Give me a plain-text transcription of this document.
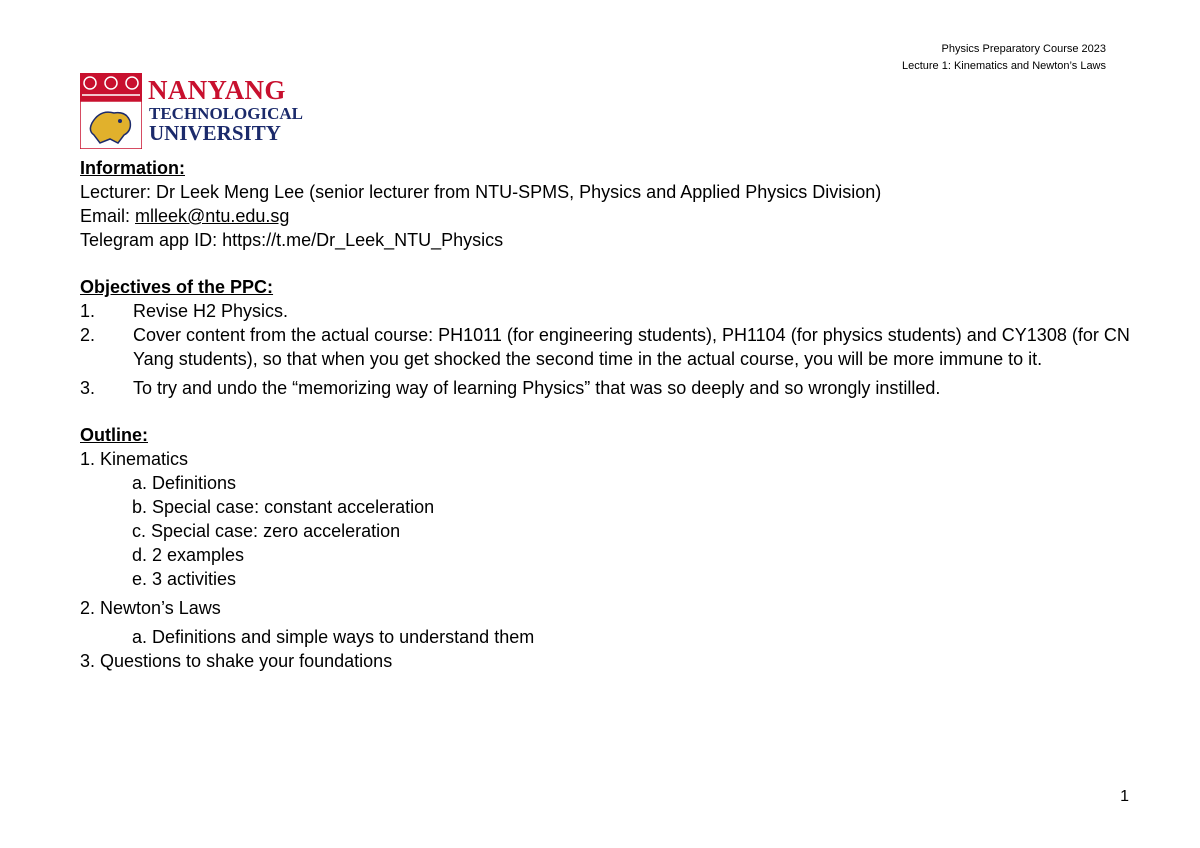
Physics Preparatory Course 2023
Lecture 1: Kinematics and Newton’s Laws
NANYANG
TECHNOLOGICAL
UNIVERSITY
Information:
Lecturer: Dr Leek Meng Lee (senior lecturer from NTU-SPMS, Physics and Applied Physics Division)
Email: mlleek@ntu.edu.sg
Telegram app ID: https://t.me/Dr_Leek_NTU_Physics
Objectives of the PPC:
1.	Revise H2 Physics.
2.	Cover content from the actual course: PH1011 (for engineering students), PH1104 (for physics students) and CY1308 (for CN Yang students), so that when you get shocked the second time in the actual course, you will be more immune to it.
3.	To try and undo the “memorizing way of learning Physics” that was so deeply and so wrongly instilled.
Outline:
1. Kinematics
a. Definitions
b. Special case: constant acceleration
c. Special case: zero acceleration
d. 2 examples
e. 3 activities
2. Newton’s Laws
a. Definitions and simple ways to understand them
3. Questions to shake your foundations
1
